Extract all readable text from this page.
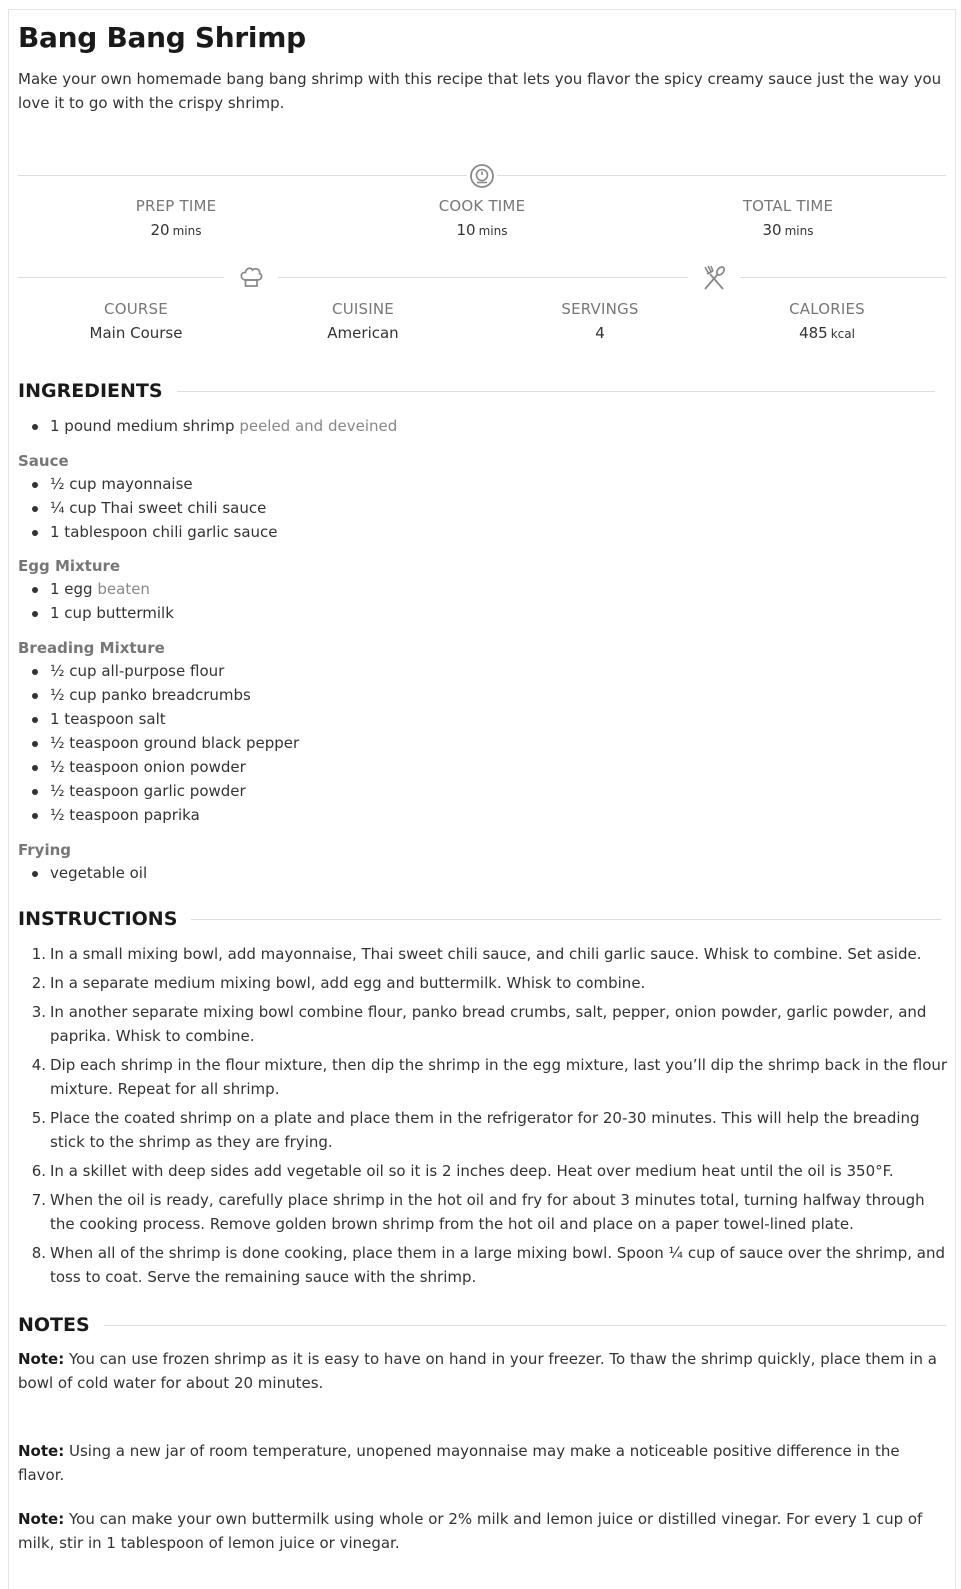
Bang Bang Shrimp

Make your own homemade bang bang shrimp with this recipe that lets you flavor the spicy creamy sauce just the way you love it to go with the crispy shrimp.

PREP TIME
20 mins
COOK TIME
10 mins
TOTAL TIME
30 mins
COURSE
Main Course
CUISINE
American
SERVINGS
4
CALORIES
485 kcal
INGREDIENTS
1 pound medium shrimp peeled and deveined
Sauce
½ cup mayonnaise
¼ cup Thai sweet chili sauce
1 tablespoon chili garlic sauce
Egg Mixture
1 egg beaten
1 cup buttermilk
Breading Mixture
½ cup all-purpose flour
½ cup panko breadcrumbs
1 teaspoon salt
½ teaspoon ground black pepper
½ teaspoon onion powder
½ teaspoon garlic powder
½ teaspoon paprika
Frying
vegetable oil
INSTRUCTIONS
1. In a small mixing bowl, add mayonnaise, Thai sweet chili sauce, and chili garlic sauce. Whisk to combine. Set aside.
2. In a separate medium mixing bowl, add egg and buttermilk. Whisk to combine.
3. In another separate mixing bowl combine flour, panko bread crumbs, salt, pepper, onion powder, garlic powder, and paprika. Whisk to combine.
4. Dip each shrimp in the flour mixture, then dip the shrimp in the egg mixture, last you’ll dip the shrimp back in the flour mixture. Repeat for all shrimp.
5. Place the coated shrimp on a plate and place them in the refrigerator for 20-30 minutes. This will help the breading stick to the shrimp as they are frying.
6. In a skillet with deep sides add vegetable oil so it is 2 inches deep. Heat over medium heat until the oil is 350°F.
7. When the oil is ready, carefully place shrimp in the hot oil and fry for about 3 minutes total, turning halfway through the cooking process. Remove golden brown shrimp from the hot oil and place on a paper towel-lined plate.
8. When all of the shrimp is done cooking, place them in a large mixing bowl. Spoon ¼ cup of sauce over the shrimp, and toss to coat. Serve the remaining sauce with the shrimp.
NOTES

Note: You can use frozen shrimp as it is easy to have on hand in your freezer. To thaw the shrimp quickly, place them in a bowl of cold water for about 20 minutes.

Note: Using a new jar of room temperature, unopened mayonnaise may make a noticeable positive difference in the flavor.

Note: You can make your own buttermilk using whole or 2% milk and lemon juice or distilled vinegar. For every 1 cup of milk, stir in 1 tablespoon of lemon juice or vinegar.
